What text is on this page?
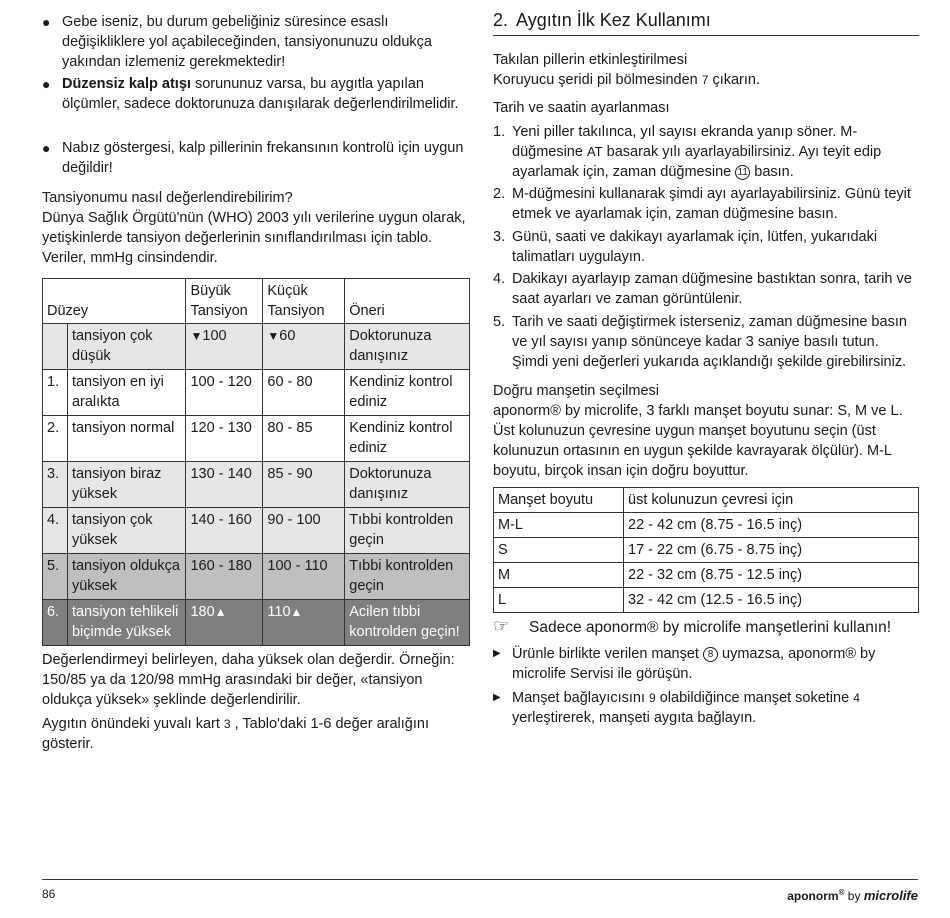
● Gebe iseniz, bu durum gebeliğiniz süresince esaslı değişikliklere yol açabileceğinden, tansiyonunuzu oldukça yakından izlemeniz gerekmektedir!
● Düzensiz kalp atışı sorununuz varsa, bu aygıtla yapılan ölçümler, sadece doktorunuza danışılarak değerlendirilmelidir.
● Nabız göstergesi, kalp pillerinin frekansının kontrolü için uygun değildir!
Tansiyonumu nasıl değerlendirebilirim?
Dünya Sağlık Örgütü'nün (WHO) 2003 yılı verilerine uygun olarak, yetişkinlerde tansiyon değerlerinin sınıflandırılması için tablo. Veriler, mmHg cinsindendir.
Düzey		Büyük Tansiyon	Küçük Tansiyon	Öneri
	tansiyon çok düşük	▼100	▼60	Doktorunuza danışınız
1.	tansiyon en iyi aralıkta	100 - 120	60 - 80	Kendiniz kontrol ediniz
2.	tansiyon normal	120 - 130	80 - 85	Kendiniz kontrol ediniz
3.	tansiyon biraz yüksek	130 - 140	85 - 90	Doktorunuza danışınız
4.	tansiyon çok yüksek	140 - 160	90 - 100	Tıbbi kontrolden geçin
5.	tansiyon oldukça yüksek	160 - 180	100 - 110	Tıbbi kontrolden geçin
6.	tansiyon tehlikeli biçimde yüksek	180▲	110▲	Acilen tıbbi kontrolden geçin!
Değerlendirmeyi belirleyen, daha yüksek olan değerdir. Örneğin: 150/85 ya da 120/98 mmHg arasındaki bir değer, «tansiyon oldukça yüksek» şeklinde değerlendirilir.
Aygıtın önündeki yuvalı kart 3 , Tablo'daki 1-6 değer aralığını gösterir.
2. Aygıtın İlk Kez Kullanımı
Takılan pillerin etkinleştirilmesi
Koruyucu şeridi pil bölmesinden 7 çıkarın.
Tarih ve saatin ayarlanması
1. Yeni piller takılınca, yıl sayısı ekranda yanıp söner. M-düğmesine AT basarak yılı ayarlayabilirsiniz. Ayı teyit edip ayarlamak için, zaman düğmesine 11 basın.
2. M-düğmesini kullanarak şimdi ayı ayarlayabilirsiniz. Günü teyit etmek ve ayarlamak için, zaman düğmesine basın.
3. Günü, saati ve dakikayı ayarlamak için, lütfen, yukarıdaki talimatları uygulayın.
4. Dakikayı ayarlayıp zaman düğmesine bastıktan sonra, tarih ve saat ayarları ve zaman görüntülenir.
5. Tarih ve saati değiştirmek isterseniz, zaman düğmesine basın ve yıl sayısı yanıp sönünceye kadar 3 saniye basılı tutun. Şimdi yeni değerleri yukarıda açıklandığı şekilde girebilirsiniz.
Doğru manşetin seçilmesi
aponorm® by microlife, 3 farklı manşet boyutu sunar: S, M ve L. Üst kolunuzun çevresine uygun manşet boyutunu seçin (üst kolunuzun ortasının en uygun şekilde kavrayarak ölçülür). M-L boyutu, birçok insan için doğru boyuttur.
Manşet boyutu	üst kolunuzun çevresi için
M-L	22 - 42 cm (8.75 - 16.5 inç)
S	17 - 22 cm (6.75 - 8.75 inç)
M	22 - 32 cm (8.75 - 12.5 inç)
L	32 - 42 cm (12.5 - 16.5 inç)
☞ Sadece aponorm® by microlife manşetlerini kullanın!
▶ Ürünle birlikte verilen manşet 8 uymazsa, aponorm® by microlife Servisi ile görüşün.
▶ Manşet bağlayıcısını 9 olabildiğince manşet soketine 4 yerleştirerek, manşeti aygıta bağlayın.
86	aponorm® by microlife
